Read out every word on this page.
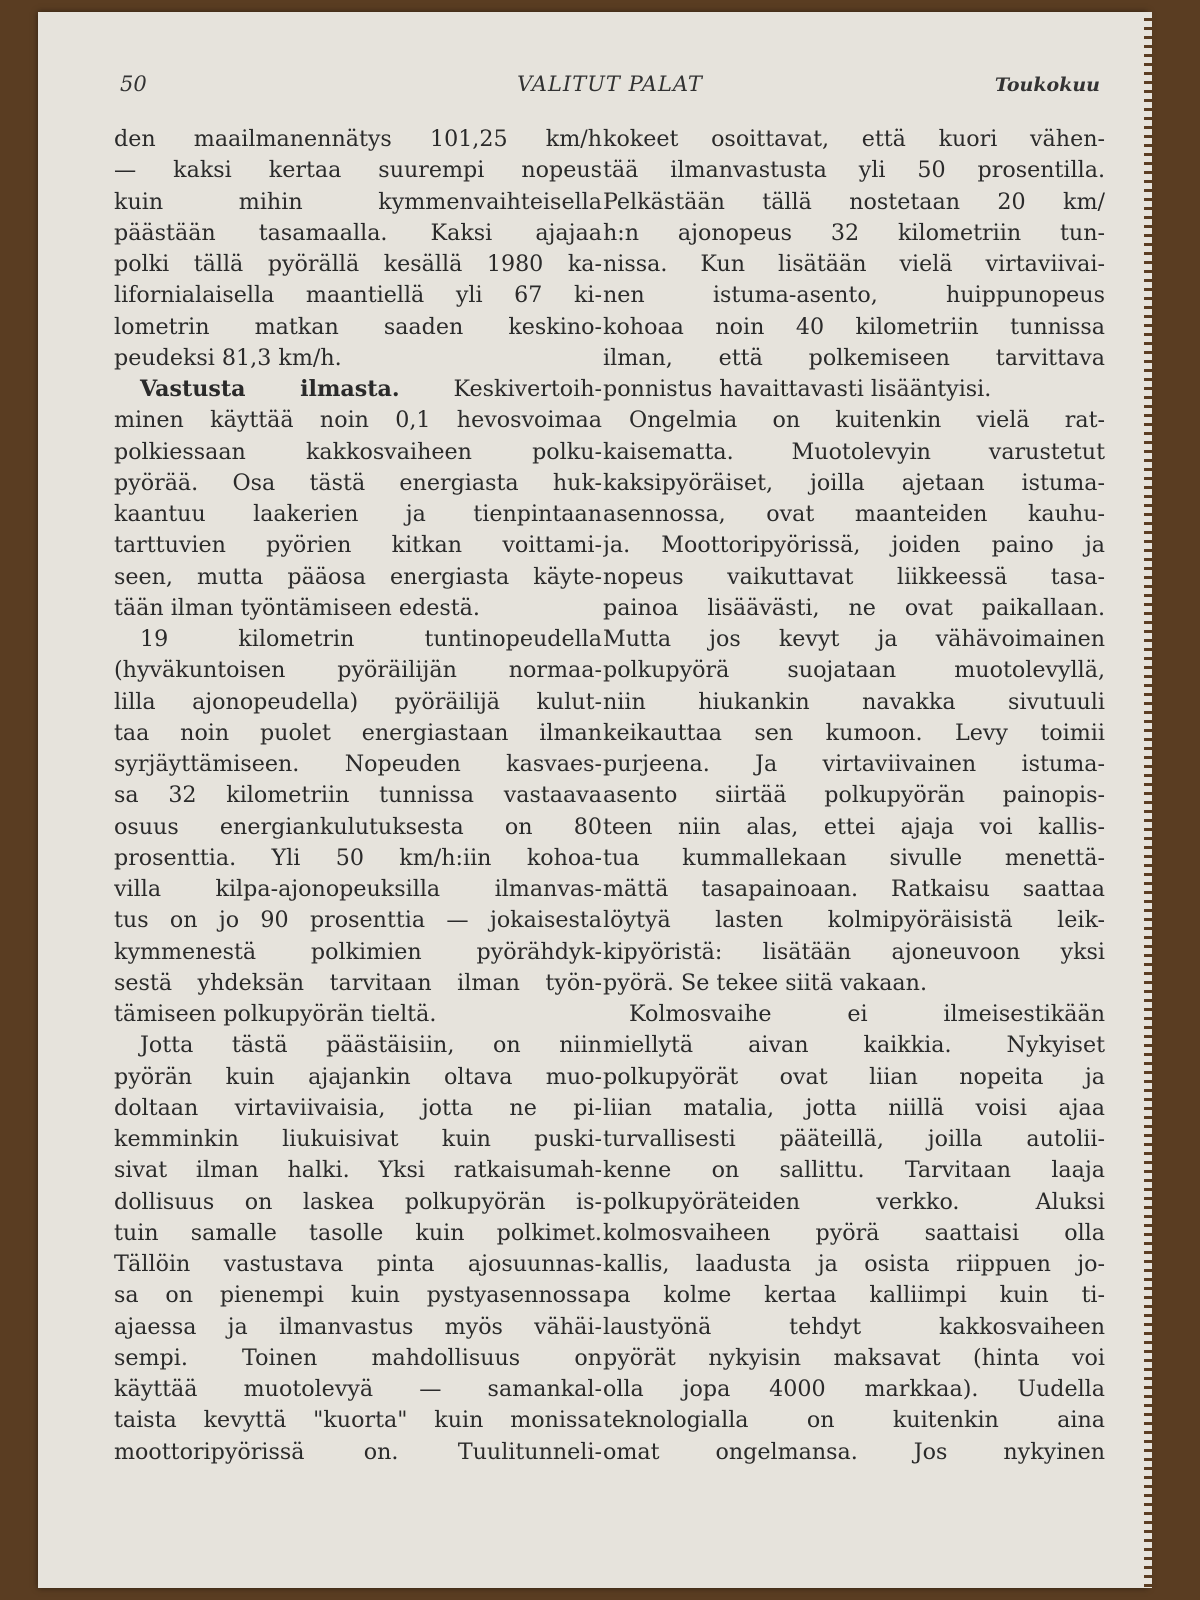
50	VALITUT PALAT	Toukokuu
den maailmanennätys 101,25 km/h
— kaksi kertaa suurempi nopeus
kuin mihin kymmenvaihteisella
päästään tasamaalla. Kaksi ajajaa
polki tällä pyörällä kesällä 1980 ka-
lifornialaisella maantiellä yli 67 ki-
lometrin matkan saaden keskino-
peudeksi 81,3 km/h.
Vastusta ilmasta. Keskivertoih-
minen käyttää noin 0,1 hevosvoimaa
polkiessaan kakkosvaiheen polku-
pyörää. Osa tästä energiasta huk-
kaantuu laakerien ja tienpintaan
tarttuvien pyörien kitkan voittami-
seen, mutta pääosa energiasta käyte-
tään ilman työntämiseen edestä.
19 kilometrin tuntinopeudella
(hyväkuntoisen pyöräilijän normaa-
lilla ajonopeudella) pyöräilijä kulut-
taa noin puolet energiastaan ilman
syrjäyttämiseen. Nopeuden kasvaes-
sa 32 kilometriin tunnissa vastaava
osuus energiankulutuksesta on 80
prosenttia. Yli 50 km/h:iin kohoa-
villa kilpa-ajonopeuksilla ilmanvas-
tus on jo 90 prosenttia — jokaisesta
kymmenestä polkimien pyörähdyk-
sestä yhdeksän tarvitaan ilman työn-
tämiseen polkupyörän tieltä.
Jotta tästä päästäisiin, on niin
pyörän kuin ajajankin oltava muo-
doltaan virtaviivaisia, jotta ne pi-
kemminkin liukuisivat kuin puski-
sivat ilman halki. Yksi ratkaisumah-
dollisuus on laskea polkupyörän is-
tuin samalle tasolle kuin polkimet.
Tällöin vastustava pinta ajosuunnas-
sa on pienempi kuin pystyasennossa
ajaessa ja ilmanvastus myös vähäi-
sempi. Toinen mahdollisuus on
käyttää muotolevyä — samankal-
taista kevyttä "kuorta" kuin monissa
moottoripyörissä on. Tuulitunneli-
kokeet osoittavat, että kuori vähen-
tää ilmanvastusta yli 50 prosentilla.
Pelkästään tällä nostetaan 20 km/
h:n ajonopeus 32 kilometriin tun-
nissa. Kun lisätään vielä virtaviivai-
nen istuma-asento, huippunopeus
kohoaa noin 40 kilometriin tunnissa
ilman, että polkemiseen tarvittava
ponnistus havaittavasti lisääntyisi.
Ongelmia on kuitenkin vielä rat-
kaisematta. Muotolevyin varustetut
kaksipyöräiset, joilla ajetaan istuma-
asennossa, ovat maanteiden kauhu-
ja. Moottoripyörissä, joiden paino ja
nopeus vaikuttavat liikkeessä tasa-
painoa lisäävästi, ne ovat paikallaan.
Mutta jos kevyt ja vähävoimainen
polkupyörä suojataan muotolevyllä,
niin hiukankin navakka sivutuuli
keikauttaa sen kumoon. Levy toimii
purjeena. Ja virtaviivainen istuma-
asento siirtää polkupyörän painopis-
teen niin alas, ettei ajaja voi kallis-
tua kummallekaan sivulle menettä-
mättä tasapainoaan. Ratkaisu saattaa
löytyä lasten kolmipyöräisistä leik-
kipyöristä: lisätään ajoneuvoon yksi
pyörä. Se tekee siitä vakaan.
Kolmosvaihe ei ilmeisestikään
miellytä aivan kaikkia. Nykyiset
polkupyörät ovat liian nopeita ja
liian matalia, jotta niillä voisi ajaa
turvallisesti pääteillä, joilla autolii-
kenne on sallittu. Tarvitaan laaja
polkupyöräteiden verkko. Aluksi
kolmosvaiheen pyörä saattaisi olla
kallis, laadusta ja osista riippuen jo-
pa kolme kertaa kalliimpi kuin ti-
laustyönä tehdyt kakkosvaiheen
pyörät nykyisin maksavat (hinta voi
olla jopa 4000 markkaa). Uudella
teknologialla on kuitenkin aina
omat ongelmansa. Jos nykyinen
